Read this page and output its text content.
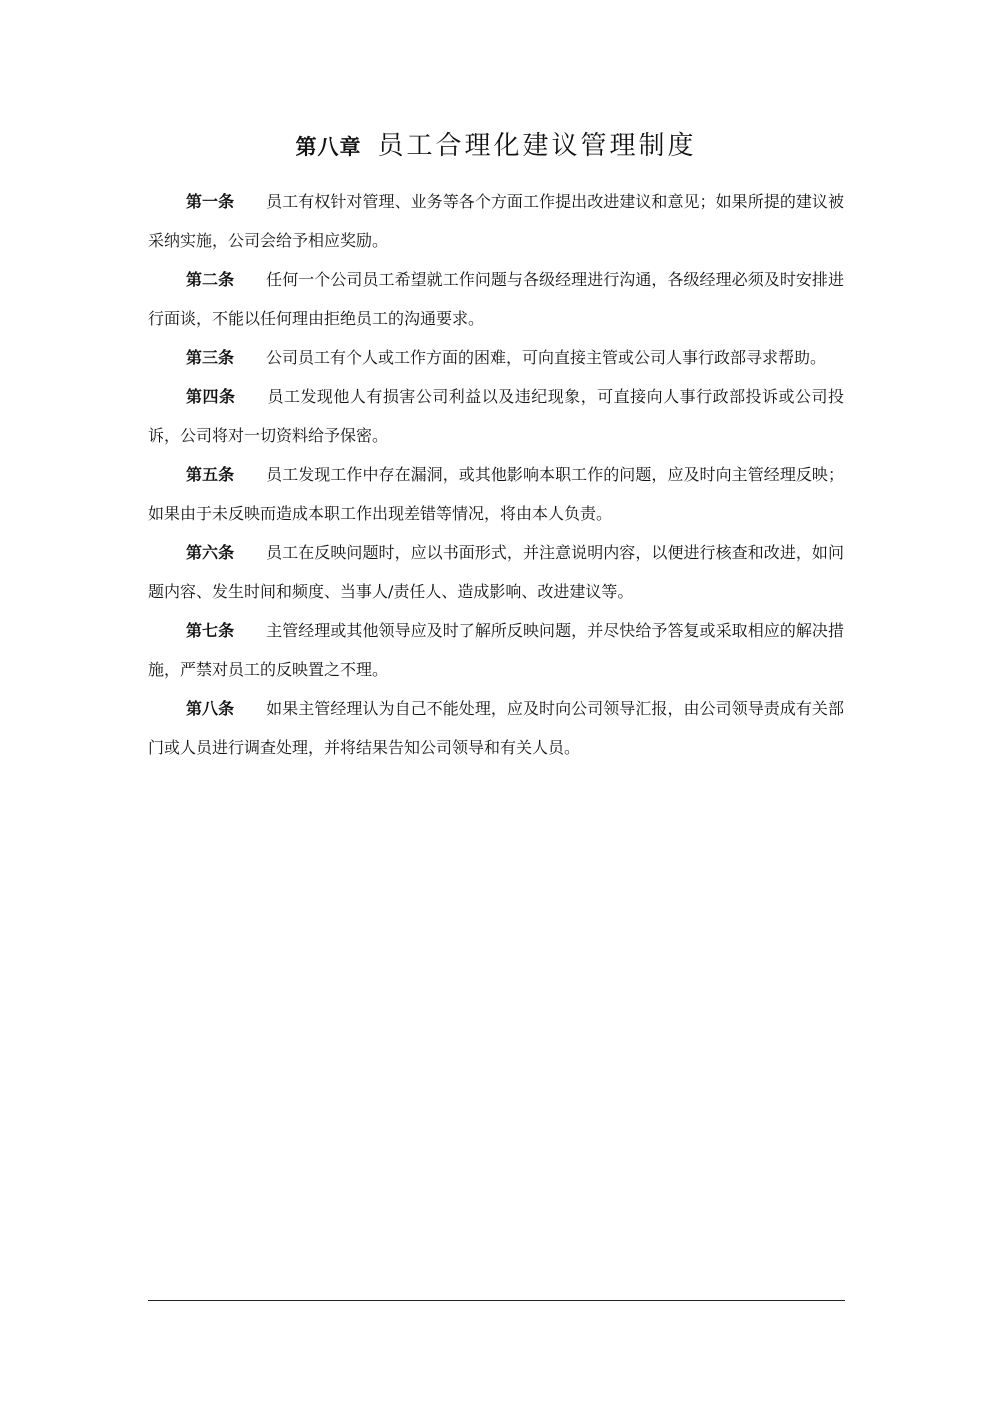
第八章 员工合理化建议管理制度

第一条 员工有权针对管理、业务等各个方面工作提出改进建议和意见；如果所提的建议被采纳实施，公司会给予相应奖励。

第二条 任何一个公司员工希望就工作问题与各级经理进行沟通，各级经理必须及时安排进行面谈，不能以任何理由拒绝员工的沟通要求。

第三条 公司员工有个人或工作方面的困难，可向直接主管或公司人事行政部寻求帮助。

第四条 员工发现他人有损害公司利益以及违纪现象，可直接向人事行政部投诉或公司投诉，公司将对一切资料给予保密。

第五条 员工发现工作中存在漏洞，或其他影响本职工作的问题，应及时向主管经理反映；如果由于未反映而造成本职工作出现差错等情况，将由本人负责。

第六条 员工在反映问题时，应以书面形式，并注意说明内容，以便进行核查和改进，如问题内容、发生时间和频度、当事人/责任人、造成影响、改进建议等。

第七条 主管经理或其他领导应及时了解所反映问题，并尽快给予答复或采取相应的解决措施，严禁对员工的反映置之不理。

第八条 如果主管经理认为自己不能处理，应及时向公司领导汇报，由公司领导责成有关部门或人员进行调查处理，并将结果告知公司领导和有关人员。
